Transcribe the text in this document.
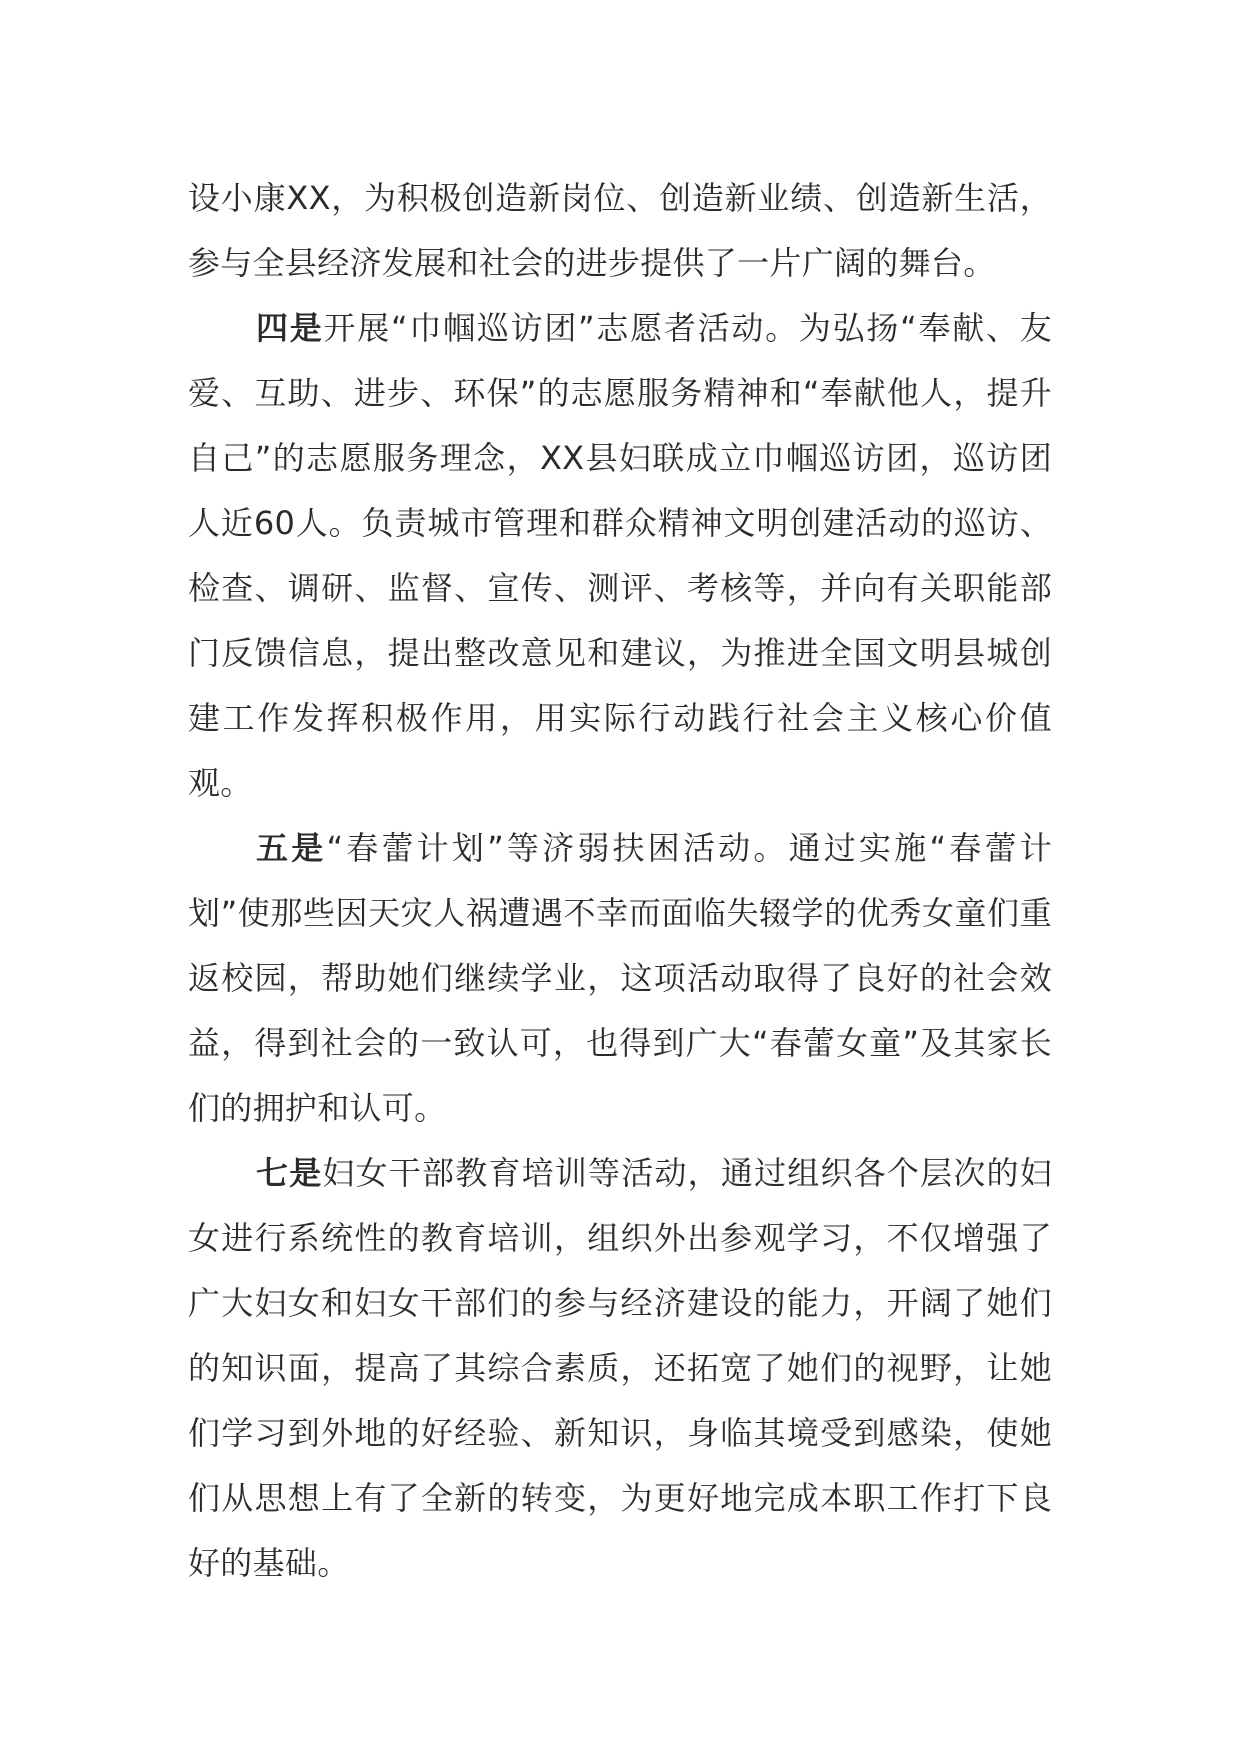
设小康XX，为积极创造新岗位、创造新业绩、创造新生活，参与全县经济发展和社会的进步提供了一片广阔的舞台。

四是开展“巾帼巡访团”志愿者活动。为弘扬“奉献、友爱、互助、进步、环保”的志愿服务精神和“奉献他人，提升自己”的志愿服务理念，XX县妇联成立巾帼巡访团，巡访团人近60人。负责城市管理和群众精神文明创建活动的巡访、检查、调研、监督、宣传、测评、考核等，并向有关职能部门反馈信息，提出整改意见和建议，为推进全国文明县城创建工作发挥积极作用，用实际行动践行社会主义核心价值观。

五是“春蕾计划”等济弱扶困活动。通过实施“春蕾计划”使那些因天灾人祸遭遇不幸而面临失辍学的优秀女童们重返校园，帮助她们继续学业，这项活动取得了良好的社会效益，得到社会的一致认可，也得到广大“春蕾女童”及其家长们的拥护和认可。

七是妇女干部教育培训等活动，通过组织各个层次的妇女进行系统性的教育培训，组织外出参观学习，不仅增强了广大妇女和妇女干部们的参与经济建设的能力，开阔了她们的知识面，提高了其综合素质，还拓宽了她们的视野，让她们学习到外地的好经验、新知识，身临其境受到感染，使她们从思想上有了全新的转变，为更好地完成本职工作打下良好的基础。
